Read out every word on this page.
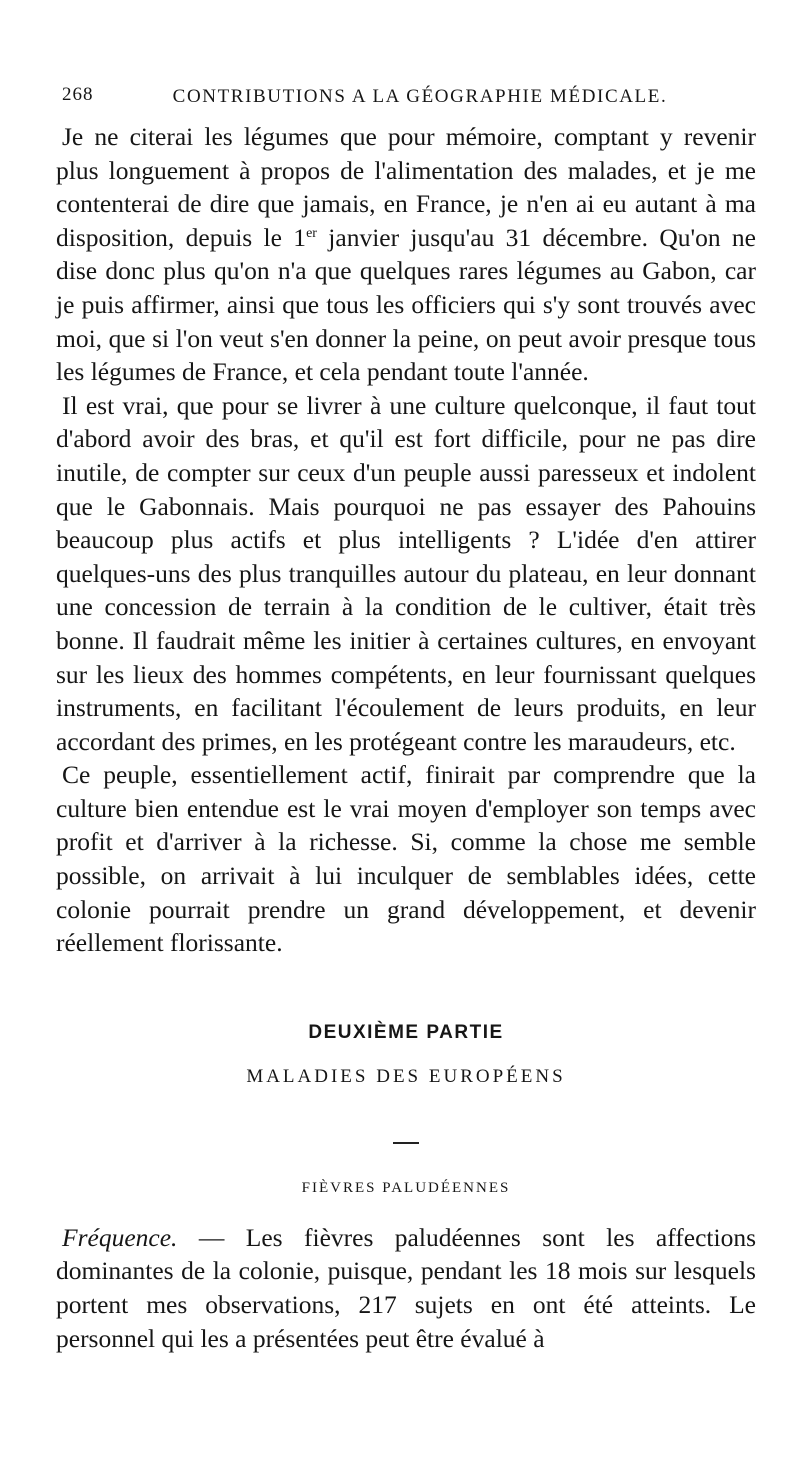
268	CONTRIBUTIONS A LA GÉOGRAPHIE MÉDICALE.

Je ne citerai les légumes que pour mémoire, comptant y revenir plus longuement à propos de l'alimentation des malades, et je me contenterai de dire que jamais, en France, je n'en ai eu autant à ma disposition, depuis le 1er janvier jusqu'au 31 décembre. Qu'on ne dise donc plus qu'on n'a que quelques rares légumes au Gabon, car je puis affirmer, ainsi que tous les officiers qui s'y sont trouvés avec moi, que si l'on veut s'en donner la peine, on peut avoir presque tous les légumes de France, et cela pendant toute l'année.

Il est vrai, que pour se livrer à une culture quelconque, il faut tout d'abord avoir des bras, et qu'il est fort difficile, pour ne pas dire inutile, de compter sur ceux d'un peuple aussi paresseux et indolent que le Gabonnais. Mais pourquoi ne pas essayer des Pahouins beaucoup plus actifs et plus intelligents ? L'idée d'en attirer quelques-uns des plus tranquilles autour du plateau, en leur donnant une concession de terrain à la condition de le cultiver, était très bonne. Il faudrait même les initier à certaines cultures, en envoyant sur les lieux des hommes compétents, en leur fournissant quelques instruments, en facilitant l'écoulement de leurs produits, en leur accordant des primes, en les protégeant contre les maraudeurs, etc.

Ce peuple, essentiellement actif, finirait par comprendre que la culture bien entendue est le vrai moyen d'employer son temps avec profit et d'arriver à la richesse. Si, comme la chose me semble possible, on arrivait à lui inculquer de semblables idées, cette colonie pourrait prendre un grand développement, et devenir réellement florissante.

DEUXIÈME PARTIE
MALADIES DES EUROPÉENS
FIÈVRES PALUDÉENNES

Fréquence. — Les fièvres paludéennes sont les affections dominantes de la colonie, puisque, pendant les 18 mois sur lesquels portent mes observations, 217 sujets en ont été atteints. Le personnel qui les a présentées peut être évalué à
